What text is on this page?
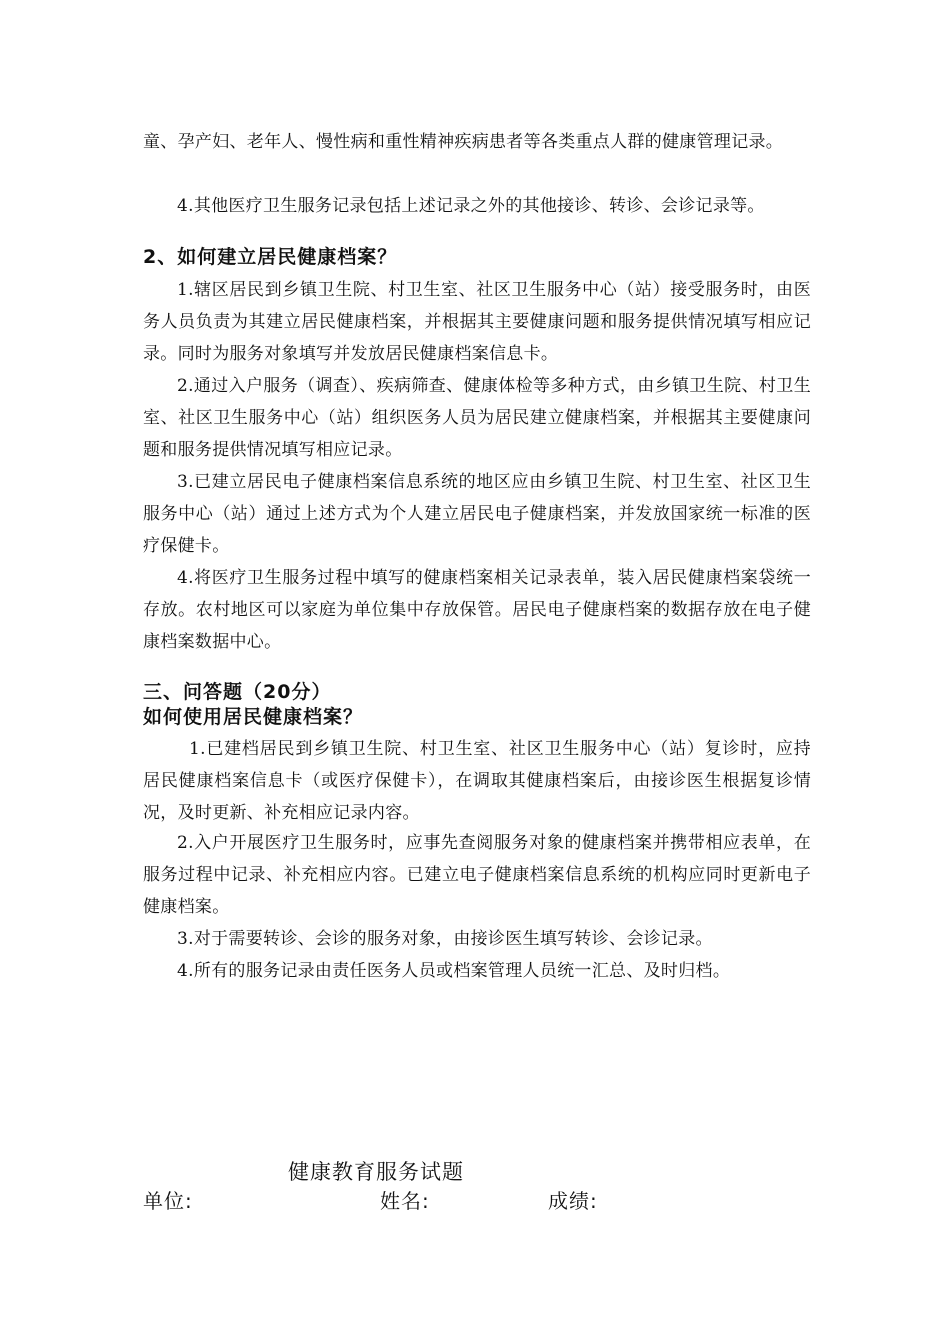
童、孕产妇、老年人、慢性病和重性精神疾病患者等各类重点人群的健康管理记录。

4.其他医疗卫生服务记录包括上述记录之外的其他接诊、转诊、会诊记录等。

2、如何建立居民健康档案？

1.辖区居民到乡镇卫生院、村卫生室、社区卫生服务中心（站）接受服务时，由医务人员负责为其建立居民健康档案，并根据其主要健康问题和服务提供情况填写相应记录。同时为服务对象填写并发放居民健康档案信息卡。

2.通过入户服务（调查）、疾病筛查、健康体检等多种方式，由乡镇卫生院、村卫生室、社区卫生服务中心（站）组织医务人员为居民建立健康档案，并根据其主要健康问题和服务提供情况填写相应记录。

3.已建立居民电子健康档案信息系统的地区应由乡镇卫生院、村卫生室、社区卫生服务中心（站）通过上述方式为个人建立居民电子健康档案，并发放国家统一标准的医疗保健卡。

4.将医疗卫生服务过程中填写的健康档案相关记录表单，装入居民健康档案袋统一存放。农村地区可以家庭为单位集中存放保管。居民电子健康档案的数据存放在电子健康档案数据中心。

三、问答题（20分）
如何使用居民健康档案？

1.已建档居民到乡镇卫生院、村卫生室、社区卫生服务中心（站）复诊时，应持居民健康档案信息卡（或医疗保健卡），在调取其健康档案后，由接诊医生根据复诊情况，及时更新、补充相应记录内容。

2.入户开展医疗卫生服务时，应事先查阅服务对象的健康档案并携带相应表单，在服务过程中记录、补充相应内容。已建立电子健康档案信息系统的机构应同时更新电子健康档案。

3.对于需要转诊、会诊的服务对象，由接诊医生填写转诊、会诊记录。

4.所有的服务记录由责任医务人员或档案管理人员统一汇总、及时归档。

健康教育服务试题
单位:	姓名:	成绩:
